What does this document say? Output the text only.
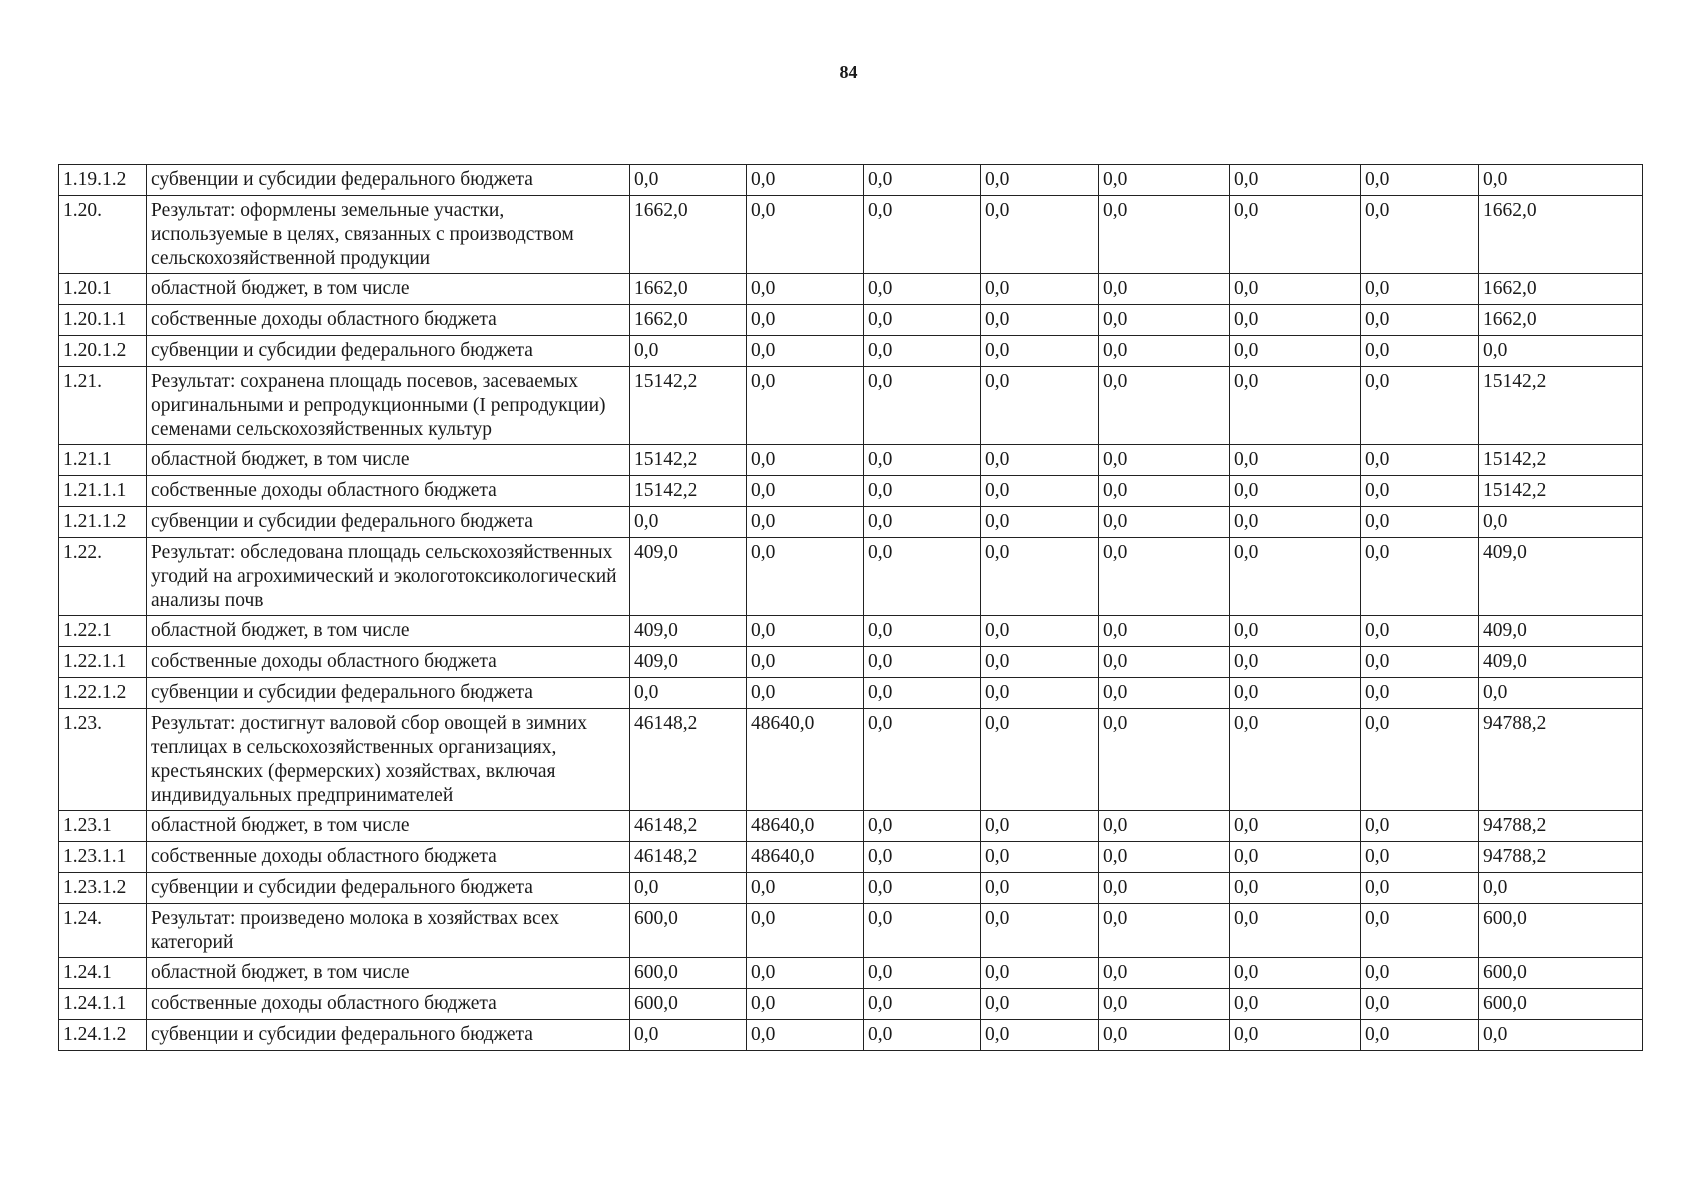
84
1.19.1.2	субвенции и субсидии федерального бюджета	0,0	0,0	0,0	0,0	0,0	0,0	0,0	0,0
1.20.	Результат: оформлены земельные участки, используемые в целях, связанных с производством сельскохозяйственной продукции	1662,0	0,0	0,0	0,0	0,0	0,0	0,0	1662,0
1.20.1	областной бюджет, в том числе	1662,0	0,0	0,0	0,0	0,0	0,0	0,0	1662,0
1.20.1.1	собственные доходы областного бюджета	1662,0	0,0	0,0	0,0	0,0	0,0	0,0	1662,0
1.20.1.2	субвенции и субсидии федерального бюджета	0,0	0,0	0,0	0,0	0,0	0,0	0,0	0,0
1.21.	Результат: сохранена площадь посевов, засеваемых оригинальными и репродукционными (I репродукции) семенами сельскохозяйственных культур	15142,2	0,0	0,0	0,0	0,0	0,0	0,0	15142,2
1.21.1	областной бюджет, в том числе	15142,2	0,0	0,0	0,0	0,0	0,0	0,0	15142,2
1.21.1.1	собственные доходы областного бюджета	15142,2	0,0	0,0	0,0	0,0	0,0	0,0	15142,2
1.21.1.2	субвенции и субсидии федерального бюджета	0,0	0,0	0,0	0,0	0,0	0,0	0,0	0,0
1.22.	Результат: обследована площадь сельскохозяйственных угодий на агрохимический и экологотоксикологический анализы почв	409,0	0,0	0,0	0,0	0,0	0,0	0,0	409,0
1.22.1	областной бюджет, в том числе	409,0	0,0	0,0	0,0	0,0	0,0	0,0	409,0
1.22.1.1	собственные доходы областного бюджета	409,0	0,0	0,0	0,0	0,0	0,0	0,0	409,0
1.22.1.2	субвенции и субсидии федерального бюджета	0,0	0,0	0,0	0,0	0,0	0,0	0,0	0,0
1.23.	Результат: достигнут валовой сбор овощей в зимних теплицах в сельскохозяйственных организациях, крестьянских (фермерских) хозяйствах, включая индивидуальных предпринимателей	46148,2	48640,0	0,0	0,0	0,0	0,0	0,0	94788,2
1.23.1	областной бюджет, в том числе	46148,2	48640,0	0,0	0,0	0,0	0,0	0,0	94788,2
1.23.1.1	собственные доходы областного бюджета	46148,2	48640,0	0,0	0,0	0,0	0,0	0,0	94788,2
1.23.1.2	субвенции и субсидии федерального бюджета	0,0	0,0	0,0	0,0	0,0	0,0	0,0	0,0
1.24.	Результат: произведено молока в хозяйствах всех категорий	600,0	0,0	0,0	0,0	0,0	0,0	0,0	600,0
1.24.1	областной бюджет, в том числе	600,0	0,0	0,0	0,0	0,0	0,0	0,0	600,0
1.24.1.1	собственные доходы областного бюджета	600,0	0,0	0,0	0,0	0,0	0,0	0,0	600,0
1.24.1.2	субвенции и субсидии федерального бюджета	0,0	0,0	0,0	0,0	0,0	0,0	0,0	0,0
